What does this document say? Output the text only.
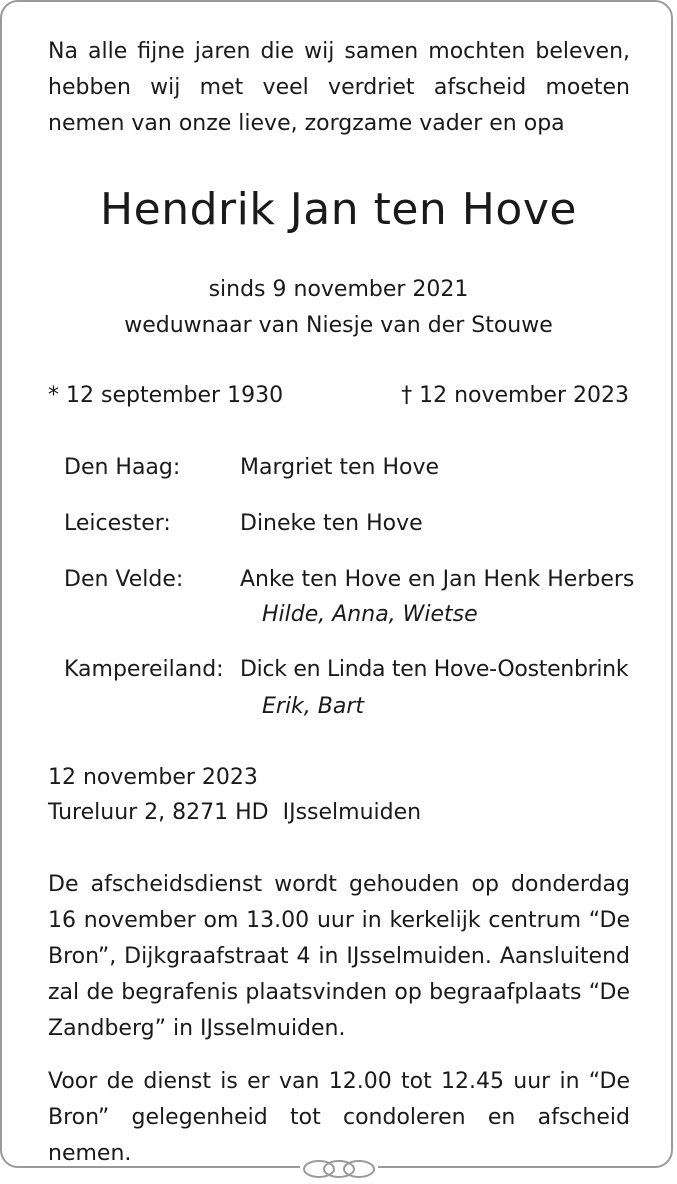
Na alle fijne jaren die wij samen mochten beleven, hebben wij met veel verdriet afscheid moeten nemen van onze lieve, zorgzame vader en opa
Hendrik Jan ten Hove
sinds 9 november 2021
weduwnaar van Niesje van der Stouwe
* 12 september 1930	† 12 november 2023
Den Haag:	Margriet ten Hove
Leicester:	Dineke ten Hove
Den Velde:	Anke ten Hove en Jan Henk Herbers
Hilde, Anna, Wietse
Kampereiland: Dick en Linda ten Hove-Oostenbrink
Erik, Bart
12 november 2023
Tureluur 2, 8271 HD  IJsselmuiden
De afscheidsdienst wordt gehouden op donderdag 16 november om 13.00 uur in kerkelijk centrum “De Bron”, Dijkgraafstraat 4 in IJsselmuiden. Aansluitend zal de begrafenis plaatsvinden op begraafplaats “De Zandberg” in IJsselmuiden.
Voor de dienst is er van 12.00 tot 12.45 uur in “De Bron” gelegenheid tot condoleren en afscheid nemen.
